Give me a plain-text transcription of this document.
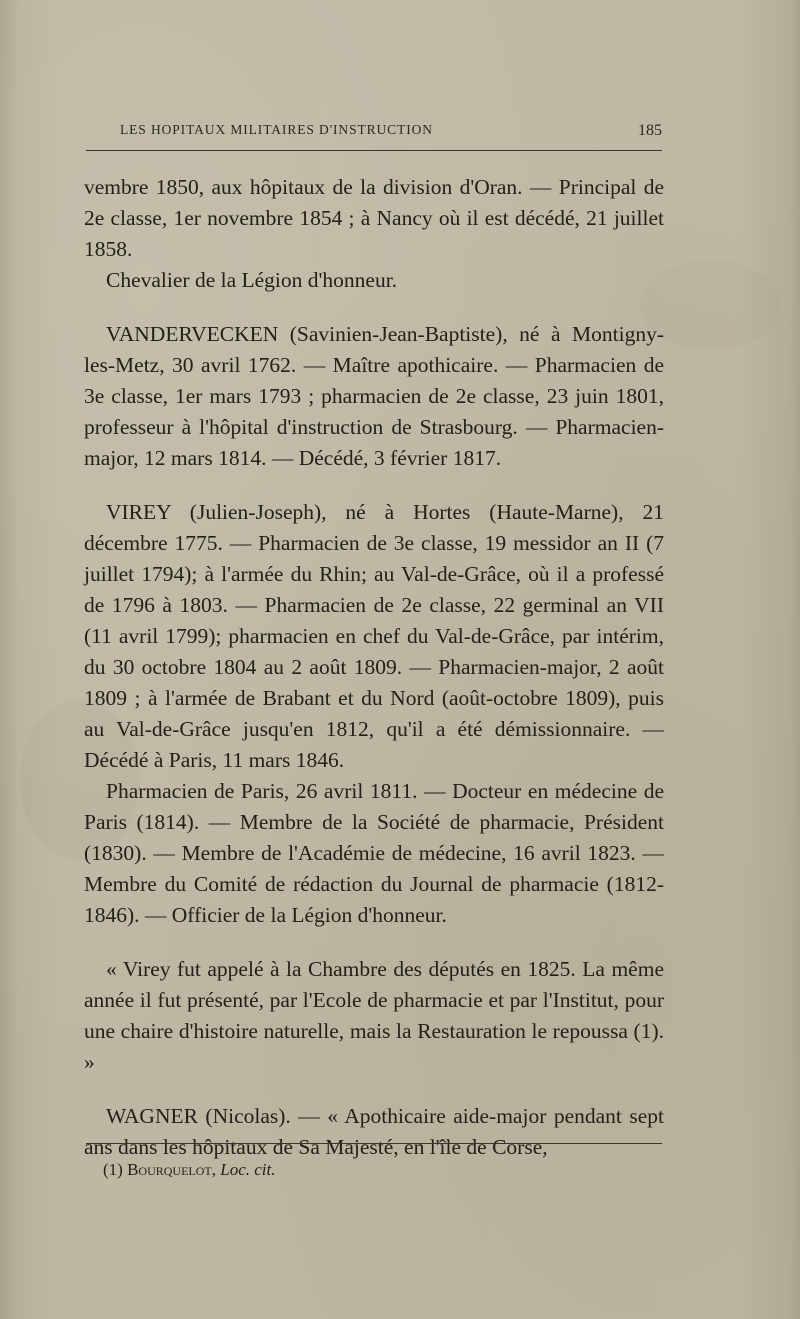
LES HOPITAUX MILITAIRES D'INSTRUCTION	185

vembre 1850, aux hôpitaux de la division d'Oran. — Principal de 2e classe, 1er novembre 1854 ; à Nancy où il est décédé, 21 juillet 1858.

Chevalier de la Légion d'honneur.

VANDERVECKEN (Savinien-Jean-Baptiste), né à Montigny-les-Metz, 30 avril 1762. — Maître apothicaire. — Pharmacien de 3e classe, 1er mars 1793 ; pharmacien de 2e classe, 23 juin 1801, professeur à l'hôpital d'instruction de Strasbourg. — Pharmacien-major, 12 mars 1814. — Décédé, 3 février 1817.

VIREY (Julien-Joseph), né à Hortes (Haute-Marne), 21 décembre 1775. — Pharmacien de 3e classe, 19 messidor an II (7 juillet 1794); à l'armée du Rhin; au Val-de-Grâce, où il a professé de 1796 à 1803. — Pharmacien de 2e classe, 22 germinal an VII (11 avril 1799); pharmacien en chef du Val-de-Grâce, par intérim, du 30 octobre 1804 au 2 août 1809. — Pharmacien-major, 2 août 1809 ; à l'armée de Brabant et du Nord (août-octobre 1809), puis au Val-de-Grâce jusqu'en 1812, qu'il a été démissionnaire. — Décédé à Paris, 11 mars 1846.

Pharmacien de Paris, 26 avril 1811. — Docteur en médecine de Paris (1814). — Membre de la Société de pharmacie, Président (1830). — Membre de l'Académie de médecine, 16 avril 1823. — Membre du Comité de rédaction du Journal de pharmacie (1812-1846). — Officier de la Légion d'honneur.

« Virey fut appelé à la Chambre des députés en 1825. La même année il fut présenté, par l'Ecole de pharmacie et par l'Institut, pour une chaire d'histoire naturelle, mais la Restauration le repoussa (1). »

WAGNER (Nicolas). — « Apothicaire aide-major pendant sept ans dans les hôpitaux de Sa Majesté, en l'île de Corse,

(1) Bourquelot, Loc. cit.
